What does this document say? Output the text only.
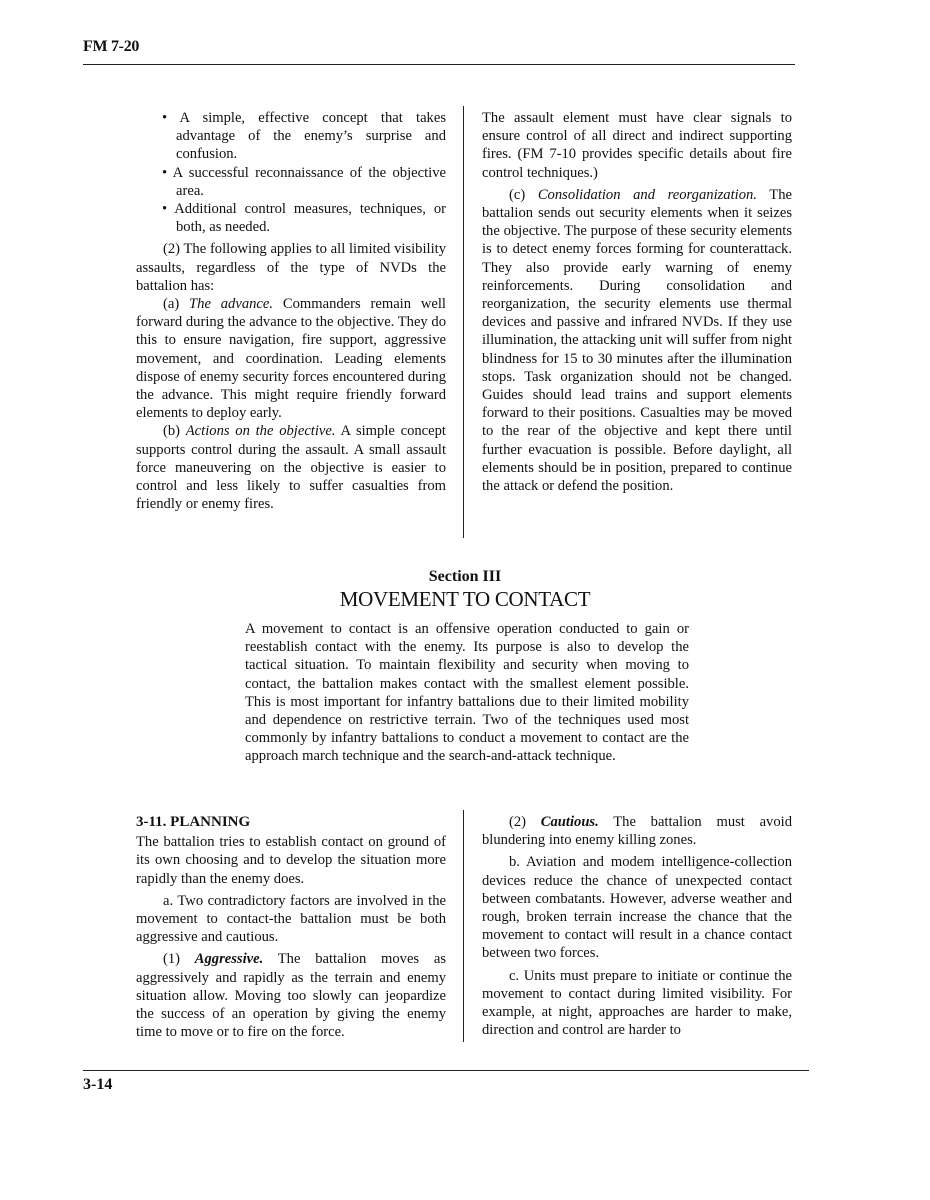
FM 7-20

• A simple, effective concept that takes advantage of the enemy’s surprise and confusion.

• A successful reconnaissance of the objective area.

• Additional control measures, techniques, or both, as needed.

(2) The following applies to all limited visibility assaults, regardless of the type of NVDs the battalion has:

(a) The advance. Commanders remain well forward during the advance to the objective. They do this to ensure navigation, fire support, aggressive movement, and coordination. Leading elements dispose of enemy security forces encountered during the advance. This might require friendly forward elements to deploy early.

(b) Actions on the objective. A simple concept supports control during the assault. A small assault force maneuvering on the objective is easier to control and less likely to suffer casualties from friendly or enemy fires.

The assault element must have clear signals to ensure control of all direct and indirect supporting fires. (FM 7-10 provides specific details about fire control techniques.)

(c) Consolidation and reorganization. The battalion sends out security elements when it seizes the objective. The purpose of these security elements is to detect enemy forces forming for counterattack. They also provide early warning of enemy reinforcements. During consolidation and reorganization, the security elements use thermal devices and passive and infrared NVDs. If they use illumination, the attacking unit will suffer from night blindness for 15 to 30 minutes after the illumination stops. Task organization should not be changed. Guides should lead trains and support elements forward to their positions. Casualties may be moved to the rear of the objective and kept there until further evacuation is possible. Before daylight, all elements should be in position, prepared to continue the attack or defend the position.

Section III
MOVEMENT TO CONTACT
A movement to contact is an offensive operation conducted to gain or reestablish contact with the enemy. Its purpose is also to develop the tactical situation. To maintain flexibility and security when moving to contact, the battalion makes contact with the smallest element possible. This is most important for infantry battalions due to their limited mobility and dependence on restrictive terrain. Two of the techniques used most commonly by infantry battalions to conduct a movement to contact are the approach march technique and the search-and-attack technique.

3-11. PLANNING

The battalion tries to establish contact on ground of its own choosing and to develop the situation more rapidly than the enemy does.

a. Two contradictory factors are involved in the movement to contact-the battalion must be both aggressive and cautious.

(1) Aggressive. The battalion moves as aggressively and rapidly as the terrain and enemy situation allow. Moving too slowly can jeopardize the success of an operation by giving the enemy time to move or to fire on the force.

(2) Cautious. The battalion must avoid blundering into enemy killing zones.

b. Aviation and modem intelligence-collection devices reduce the chance of unexpected contact between combatants. However, adverse weather and rough, broken terrain increase the chance that the movement to contact will result in a chance contact between two forces.

c. Units must prepare to initiate or continue the movement to contact during limited visibility. For example, at night, approaches are harder to make, direction and control are harder to

3-14
